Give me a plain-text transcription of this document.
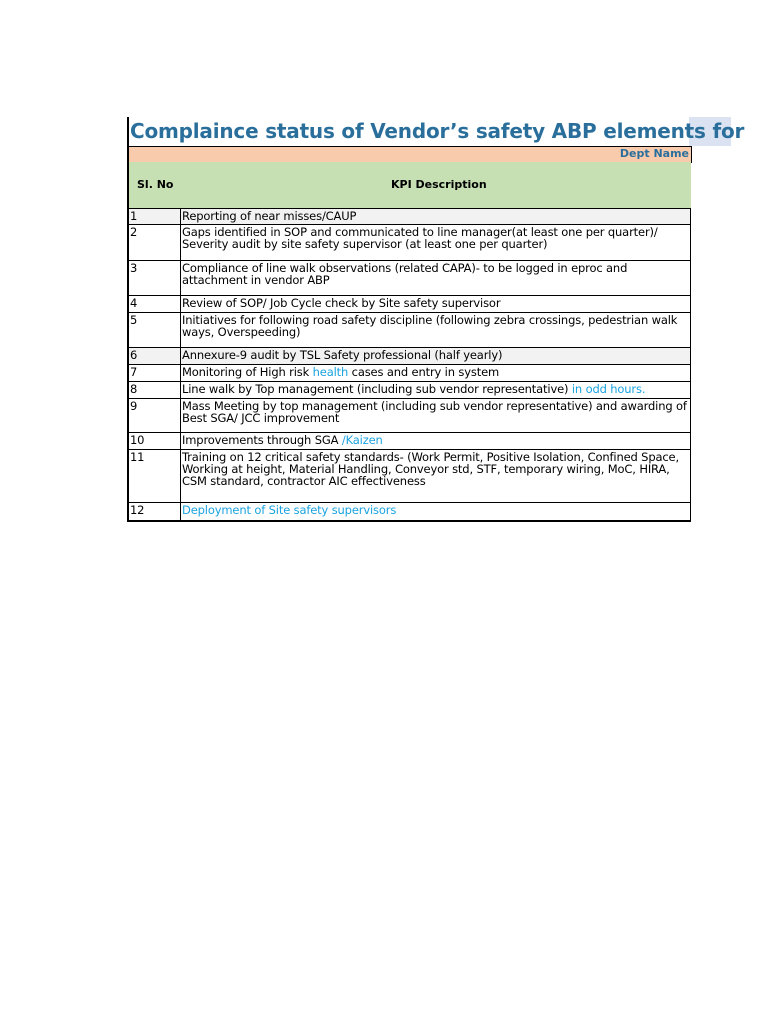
Complaince status of Vendor’s safety ABP elements for
Dept Name
Sl. No	KPI Description
1	Reporting of near misses/CAUP
2	Gaps identified in SOP and communicated to line manager(at least one per quarter)/ Severity audit by site safety supervisor (at least one per quarter)
3	Compliance of line walk observations (related CAPA)- to be logged in eproc and attachment in vendor ABP
4	Review of SOP/ Job Cycle check by Site safety supervisor
5	Initiatives for following road safety discipline (following zebra crossings, pedestrian walk ways, Overspeeding)
6	Annexure-9 audit by TSL Safety professional (half yearly)
7	Monitoring of High risk health cases and entry in system
8	Line walk by Top management (including sub vendor representative) in odd hours.
9	Mass Meeting by top management (including sub vendor representative) and awarding of Best SGA/ JCC improvement
10	Improvements through SGA /Kaizen
11	Training on 12 critical safety standards- (Work Permit, Positive Isolation, Confined Space, Working at height, Material Handling, Conveyor std, STF, temporary wiring, MoC, HIRA, CSM standard, contractor AIC effectiveness
12	Deployment of Site safety supervisors
